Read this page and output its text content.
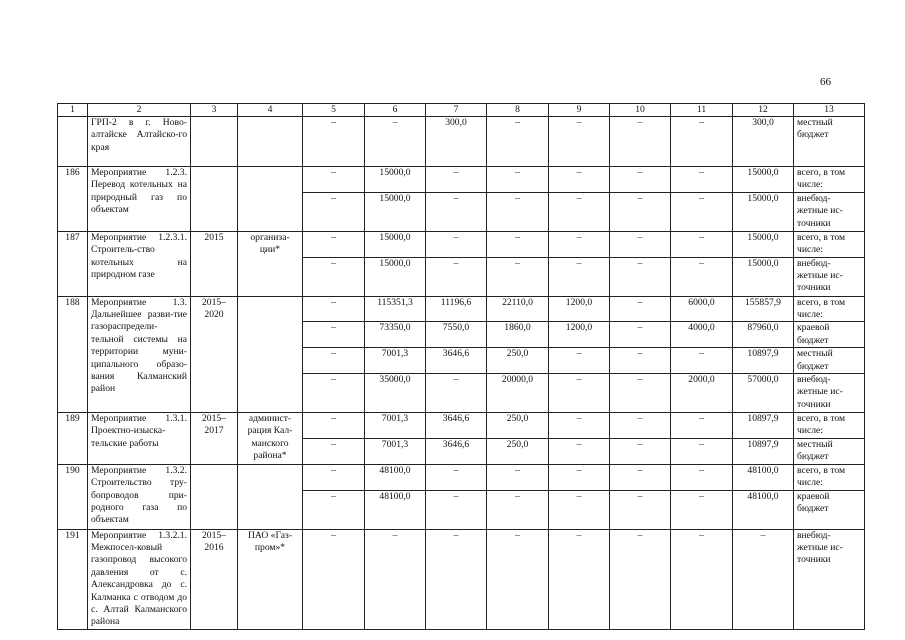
66
1	2	3	4	5	6	7	8	9	10	11	12	13
	ГРП-2 в г. Ново-алтайске Алтайско-го края			–	–	300,0	–	–	–	–	300,0	местный бюджет
186	Мероприятие 1.2.3. Перевод котельных на природный газ по объектам			–	15000,0	–	–	–	–	–	15000,0	всего, в том числе:
				–	15000,0	–	–	–	–	–	15000,0	внебюд-жетные ис-точники
187	Мероприятие 1.2.3.1. Строитель-ство котельных на природном газе	2015	организа-ции*	–	15000,0	–	–	–	–	–	15000,0	всего, в том числе:
				–	15000,0	–	–	–	–	–	15000,0	внебюд-жетные ис-точники
188	Мероприятие 1.3. Дальнейшее разви-тие газораспредели-тельной системы на территории муни-ципального образо-вания Калманский район	2015–2020		–	115351,3	11196,6	22110,0	1200,0	–	6000,0	155857,9	всего, в том числе:
				–	73350,0	7550,0	1860,0	1200,0	–	4000,0	87960,0	краевой бюджет
				–	7001,3	3646,6	250,0	–	–	–	10897,9	местный бюджет
				–	35000,0	–	20000,0	–	–	2000,0	57000,0	внебюд-жетные ис-точники
189	Мероприятие 1.3.1. Проектно-изыска-тельские работы	2015–2017	админист-рация Кал-манского района*	–	7001,3	3646,6	250,0	–	–	–	10897,9	всего, в том числе:
				–	7001,3	3646,6	250,0	–	–	–	10897,9	местный бюджет
190	Мероприятие 1.3.2. Строительство тру-бопроводов при-родного газа по объектам			–	48100,0	–	–	–	–	–	48100,0	всего, в том числе:
				–	48100,0	–	–	–	–	–	48100,0	краевой бюджет
191	Мероприятие 1.3.2.1. Межпосел-ковый газопровод высокого давления от с. Александровка до с. Калманка с отводом до с. Алтай Калманского района	2015–2016	ПАО «Газ-пром»*	–	–	–	–	–	–	–	–	внебюд-жетные ис-точники
